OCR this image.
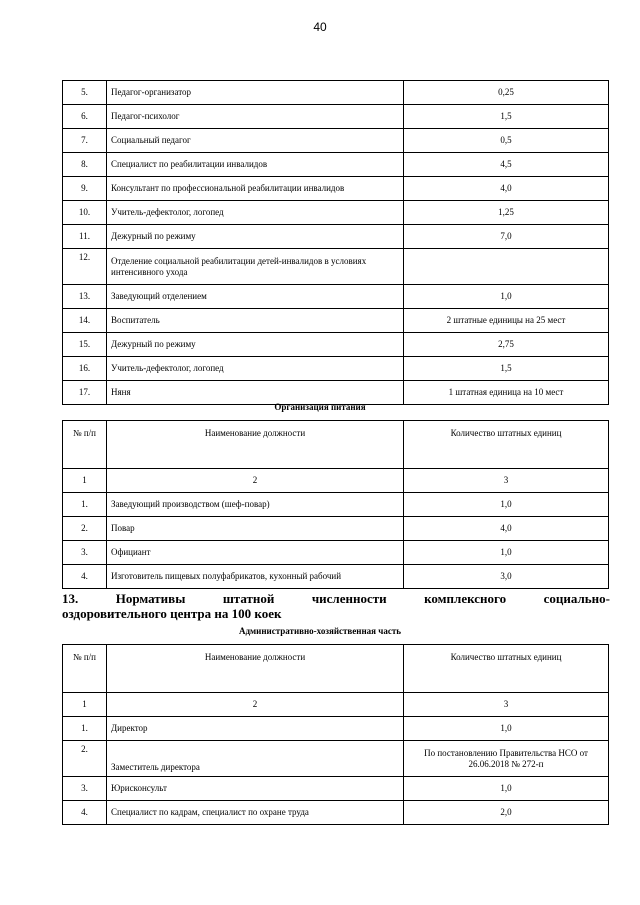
40
5.	Педагог-организатор	0,25
6.	Педагог-психолог	1,5
7.	Социальный педагог	0,5
8.	Специалист по реабилитации инвалидов	4,5
9.	Консультант по профессиональной реабилитации инвалидов	4,0
10.	Учитель-дефектолог, логопед	1,25
11.	Дежурный по режиму	7,0
12.	Отделение социальной реабилитации детей-инвалидов в условиях интенсивного ухода	
13.	Заведующий отделением	1,0
14.	Воспитатель	2 штатные единицы на 25 мест
15.	Дежурный по режиму	2,75
16.	Учитель-дефектолог, логопед	1,5
17.	Няня	1 штатная единица на 10 мест
Организация питания
№ п/п	Наименование должности	Количество штатных единиц
1	2	3
1.	Заведующий производством (шеф-повар)	1,0
2.	Повар	4,0
3.	Официант	1,0
4.	Изготовитель пищевых полуфабрикатов, кухонный рабочий	3,0
13.	Нормативы	штатной	численности	комплексного	социально-
оздоровительного центра на 100 коек
Административно-хозяйственная часть
№ п/п	Наименование должности	Количество штатных единиц
1	2	3
1.	Директор	1,0
2.	Заместитель директора	По постановлению Правительства НСО от 26.06.2018 № 272-п
3.	Юрисконсульт	1,0
4.	Специалист по кадрам, специалист по охране труда	2,0
